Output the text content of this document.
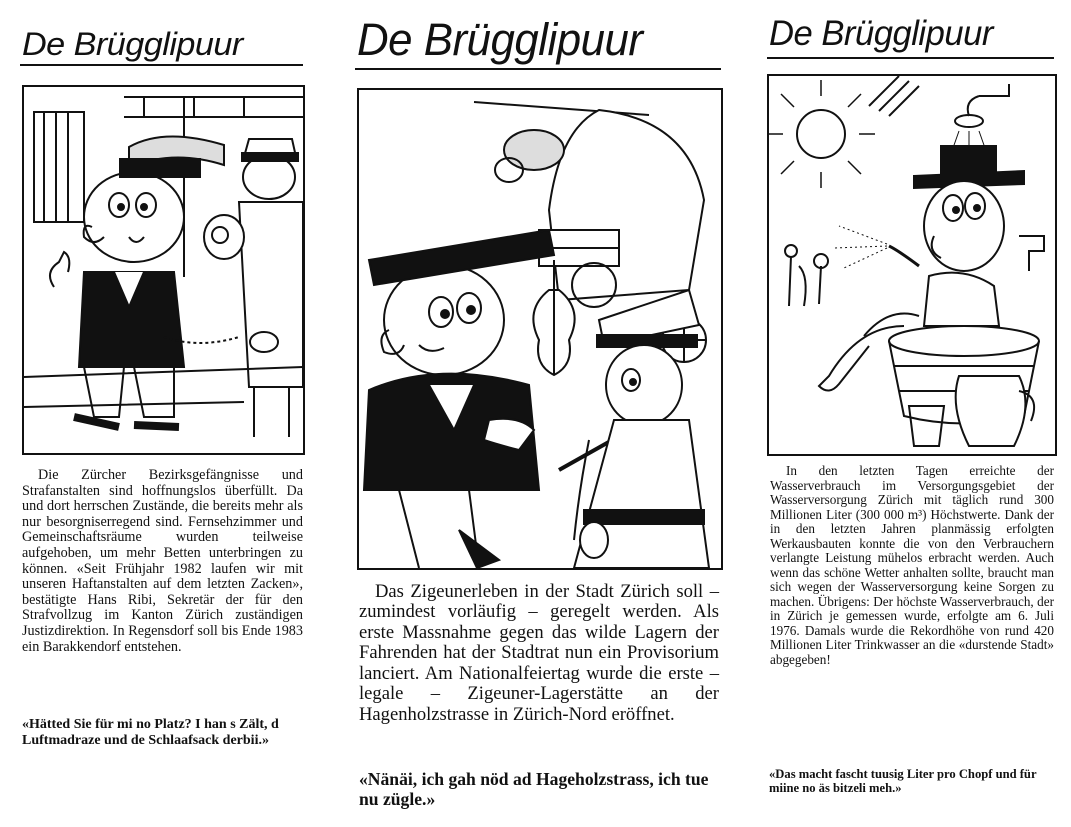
De Brügglipuur

Die Zürcher Bezirksgefängnisse und Strafanstalten sind hoffnungslos überfüllt. Da und dort herrschen Zustände, die bereits mehr als nur besorgniserregend sind. Fernsehzimmer und Gemeinschaftsräume wurden teilweise aufgehoben, um mehr Betten unterbringen zu können. «Seit Frühjahr 1982 laufen wir mit unseren Haftanstalten auf dem letzten Zacken», bestätigte Hans Ribi, Sekretär der für den Strafvollzug im Kanton Zürich zuständigen Justizdirektion. In Regensdorf soll bis Ende 1983 ein Barakkendorf entstehen.

«Hätted Sie für mi no Platz? I han s Zält, d Luftmadraze und de Schlaafsack derbii.»
De Brügglipuur

Das Zigeunerleben in der Stadt Zürich soll – zumindest vorläufig – geregelt werden. Als erste Massnahme gegen das wilde Lagern der Fahrenden hat der Stadtrat nun ein Provisorium lanciert. Am Nationalfeiertag wurde die erste – legale – Zigeuner-Lagerstätte an der Hagenholzstrasse in Zürich-Nord eröffnet.

«Nänäi, ich gah nöd ad Hageholzstrass, ich tue nu zügle.»
De Brügglipuur

In den letzten Tagen erreichte der Wasserverbrauch im Versorgungsgebiet der Wasserversorgung Zürich mit täglich rund 300 Millionen Liter (300 000 m³) Höchstwerte. Dank der in den letzten Jahren planmässig erfolgten Werkausbauten konnte die von den Verbrauchern verlangte Leistung mühelos erbracht werden. Auch wenn das schöne Wetter anhalten sollte, braucht man sich wegen der Wasserversorgung keine Sorgen zu machen. Übrigens: Der höchste Wasserverbrauch, der in Zürich je gemessen wurde, erfolgte am 6. Juli 1976. Damals wurde die Rekordhöhe von rund 420 Millionen Liter Trinkwasser an die «durstende Stadt» abgegeben!

«Das macht fascht tuusig Liter pro Chopf und für miine no äs bitzeli meh.»
